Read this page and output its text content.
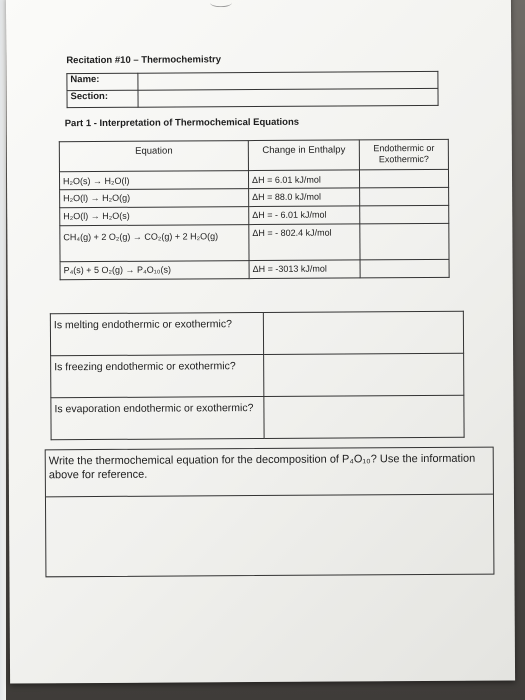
Recitation #10 – Thermochemistry
Name:	
Section:	
Part 1 - Interpretation of Thermochemical Equations
Equation	Change in Enthalpy	Endothermic or Exothermic?
H₂O(s) → H₂O(l)	ΔH = 6.01 kJ/mol	
H₂O(l) → H₂O(g)	ΔH = 88.0 kJ/mol	
H₂O(l) → H₂O(s)	ΔH = - 6.01 kJ/mol	
CH₄(g) + 2 O₂(g) → CO₂(g) + 2 H₂O(g)	ΔH = - 802.4 kJ/mol	
P₄(s) + 5 O₂(g) → P₄O₁₀(s)	ΔH = -3013 kJ/mol	
Is melting endothermic or exothermic?	
Is freezing endothermic or exothermic?	
Is evaporation endothermic or exothermic?	
Write the thermochemical equation for the decomposition of P₄O₁₀? Use the information above for reference.
